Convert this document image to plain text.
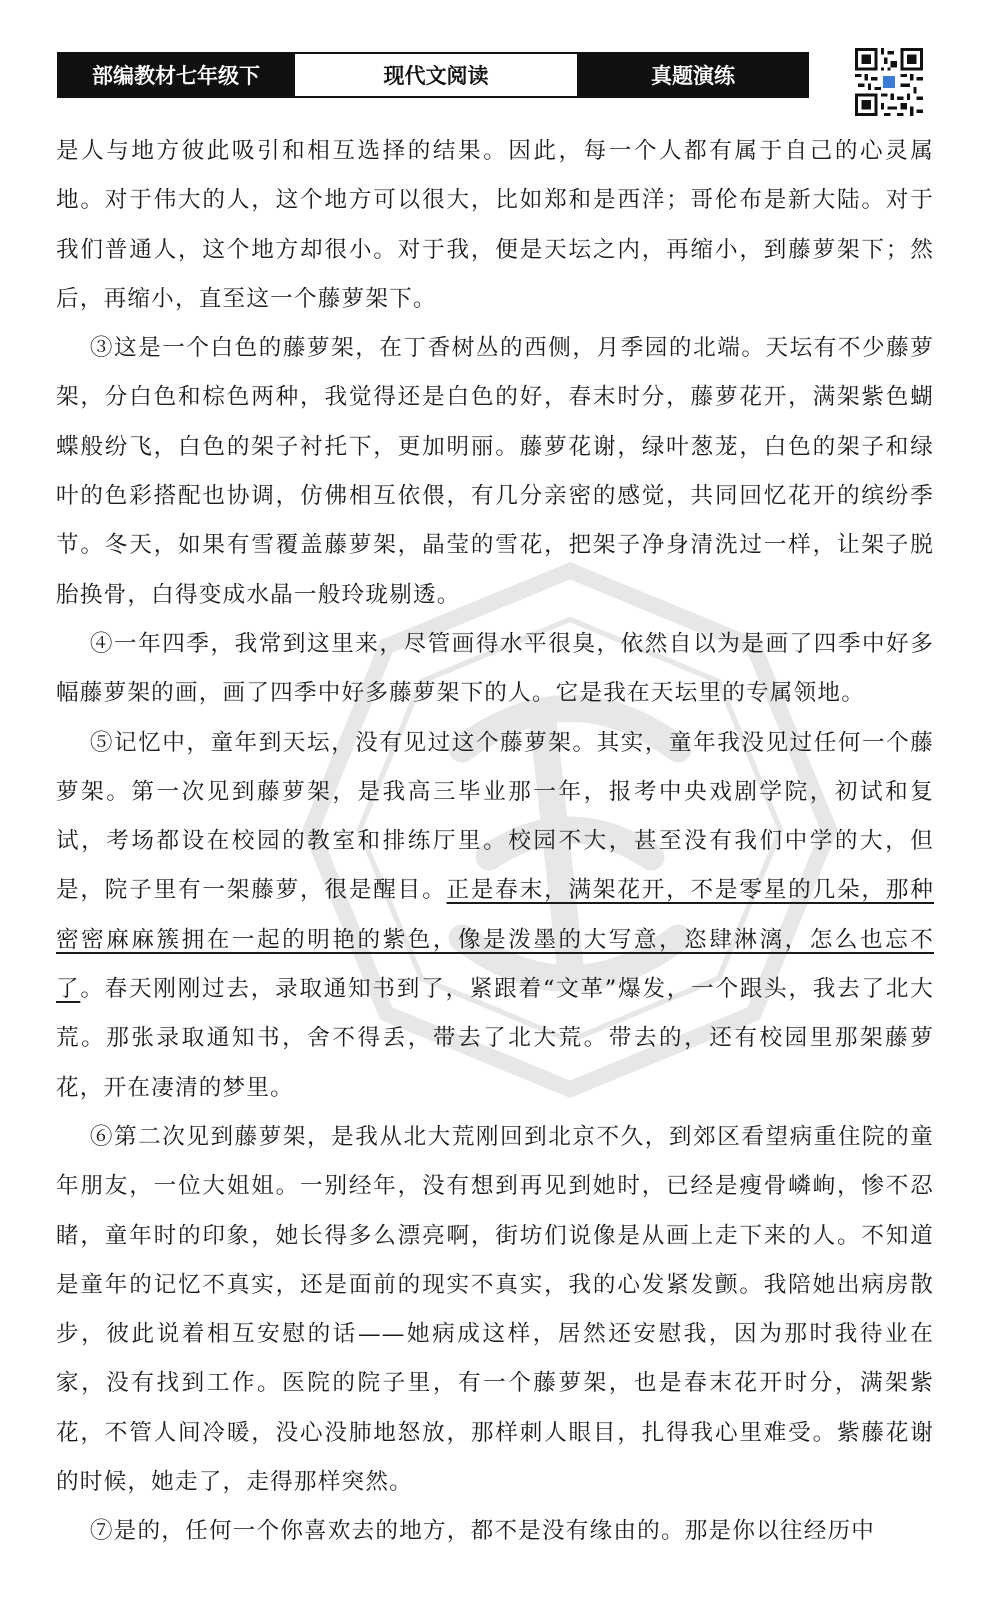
部编教材七年级下	现代文阅读	真题演练

是人与地方彼此吸引和相互选择的结果。因此，每一个人都有属于自己的心灵属地。对于伟大的人，这个地方可以很大，比如郑和是西洋；哥伦布是新大陆。对于我们普通人，这个地方却很小。对于我，便是天坛之内，再缩小，到藤萝架下；然后，再缩小，直至这一个藤萝架下。

③这是一个白色的藤萝架，在丁香树丛的西侧，月季园的北端。天坛有不少藤萝架，分白色和棕色两种，我觉得还是白色的好，春末时分，藤萝花开，满架紫色蝴蝶般纷飞，白色的架子衬托下，更加明丽。藤萝花谢，绿叶葱茏，白色的架子和绿叶的色彩搭配也协调，仿佛相互依偎，有几分亲密的感觉，共同回忆花开的缤纷季节。冬天，如果有雪覆盖藤萝架，晶莹的雪花，把架子净身清洗过一样，让架子脱胎换骨，白得变成水晶一般玲珑剔透。

④一年四季，我常到这里来，尽管画得水平很臭，依然自以为是画了四季中好多幅藤萝架的画，画了四季中好多藤萝架下的人。它是我在天坛里的专属领地。

⑤记忆中，童年到天坛，没有见过这个藤萝架。其实，童年我没见过任何一个藤萝架。第一次见到藤萝架，是我高三毕业那一年，报考中央戏剧学院，初试和复试，考场都设在校园的教室和排练厅里。校园不大，甚至没有我们中学的大，但是，院子里有一架藤萝，很是醒目。正是春末，满架花开，不是零星的几朵，那种密密麻麻簇拥在一起的明艳的紫色，像是泼墨的大写意，恣肆淋漓，怎么也忘不了。春天刚刚过去，录取通知书到了，紧跟着“文革”爆发，一个跟头，我去了北大荒。那张录取通知书，舍不得丢，带去了北大荒。带去的，还有校园里那架藤萝花，开在凄清的梦里。

⑥第二次见到藤萝架，是我从北大荒刚回到北京不久，到郊区看望病重住院的童年朋友，一位大姐姐。一别经年，没有想到再见到她时，已经是瘦骨嶙峋，惨不忍睹，童年时的印象，她长得多么漂亮啊，街坊们说像是从画上走下来的人。不知道是童年的记忆不真实，还是面前的现实不真实，我的心发紧发颤。我陪她出病房散步，彼此说着相互安慰的话——她病成这样，居然还安慰我，因为那时我待业在家，没有找到工作。医院的院子里，有一个藤萝架，也是春末花开时分，满架紫花，不管人间冷暖，没心没肺地怒放，那样刺人眼目，扎得我心里难受。紫藤花谢的时候，她走了，走得那样突然。

⑦是的，任何一个你喜欢去的地方，都不是没有缘由的。那是你以往经历中
